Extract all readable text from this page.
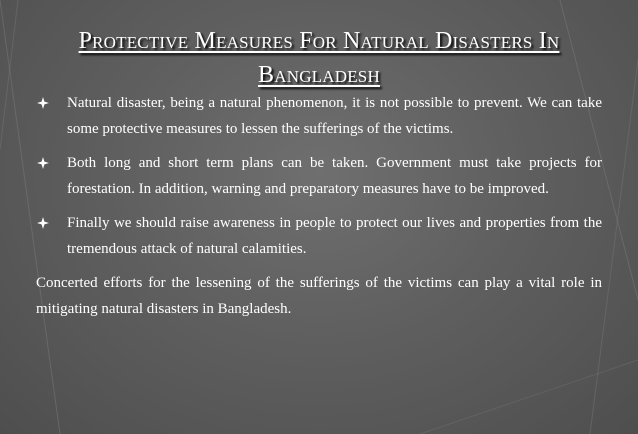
Protective Measures For Natural Disasters In Bangladesh
Natural disaster, being a natural phenomenon, it is not possible to prevent. We can take some protective measures to lessen the sufferings of the victims.
Both long and short term plans can be taken. Government must take projects for forestation. In addition, warning and preparatory measures have to be improved.
Finally we should raise awareness in people to protect our lives and properties from the tremendous attack of natural calamities.

Concerted efforts for the lessening of the sufferings of the victims can play a vital role in mitigating natural disasters in Bangladesh.
